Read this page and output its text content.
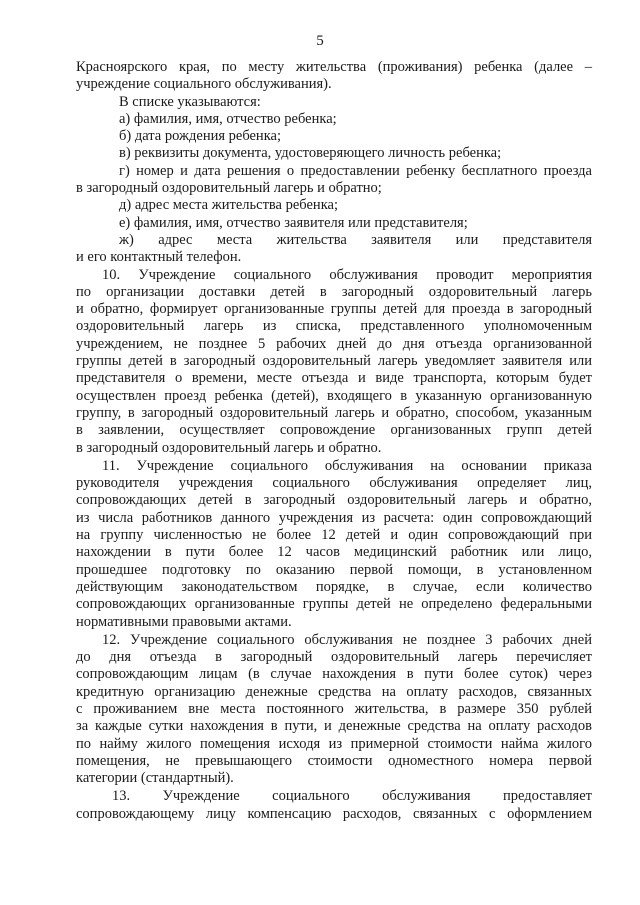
5
Красноярского края, по месту жительства (проживания) ребенка (далее –
учреждение социального обслуживания).
В списке указываются:
а) фамилия, имя, отчество ребенка;
б) дата рождения ребенка;
в) реквизиты документа, удостоверяющего личность ребенка;
г) номер и дата решения о предоставлении ребенку бесплатного проезда
в загородный оздоровительный лагерь и обратно;
д) адрес места жительства ребенка;
е) фамилия, имя, отчество заявителя или представителя;
ж) адрес места жительства заявителя или представителя
и его контактный телефон.
10. Учреждение социального обслуживания проводит мероприятия
по организации доставки детей в загородный оздоровительный лагерь
и обратно, формирует организованные группы детей для проезда в загородный
оздоровительный лагерь из списка, представленного уполномоченным
учреждением, не позднее 5 рабочих дней до дня отъезда организованной
группы детей в загородный оздоровительный лагерь уведомляет заявителя или
представителя о времени, месте отъезда и виде транспорта, которым будет
осуществлен проезд ребенка (детей), входящего в указанную организованную
группу, в загородный оздоровительный лагерь и обратно, способом, указанным
в заявлении, осуществляет сопровождение организованных групп детей
в загородный оздоровительный лагерь и обратно.
11. Учреждение социального обслуживания на основании приказа
руководителя учреждения социального обслуживания определяет лиц,
сопровождающих детей в загородный оздоровительный лагерь и обратно,
из числа работников данного учреждения из расчета: один сопровождающий
на группу численностью не более 12 детей и один сопровождающий при
нахождении в пути более 12 часов медицинский работник или лицо,
прошедшее подготовку по оказанию первой помощи, в установленном
действующим законодательством порядке, в случае, если количество
сопровождающих организованные группы детей не определено федеральными
нормативными правовыми актами.
12. Учреждение социального обслуживания не позднее 3 рабочих дней
до дня отъезда в загородный оздоровительный лагерь перечисляет
сопровождающим лицам (в случае нахождения в пути более суток) через
кредитную организацию денежные средства на оплату расходов, связанных
с проживанием вне места постоянного жительства, в размере 350 рублей
за каждые сутки нахождения в пути, и денежные средства на оплату расходов
по найму жилого помещения исходя из примерной стоимости найма жилого
помещения, не превышающего стоимости одноместного номера первой
категории (стандартный).
13. Учреждение социального обслуживания предоставляет
сопровождающему лицу компенсацию расходов, связанных с оформлением
